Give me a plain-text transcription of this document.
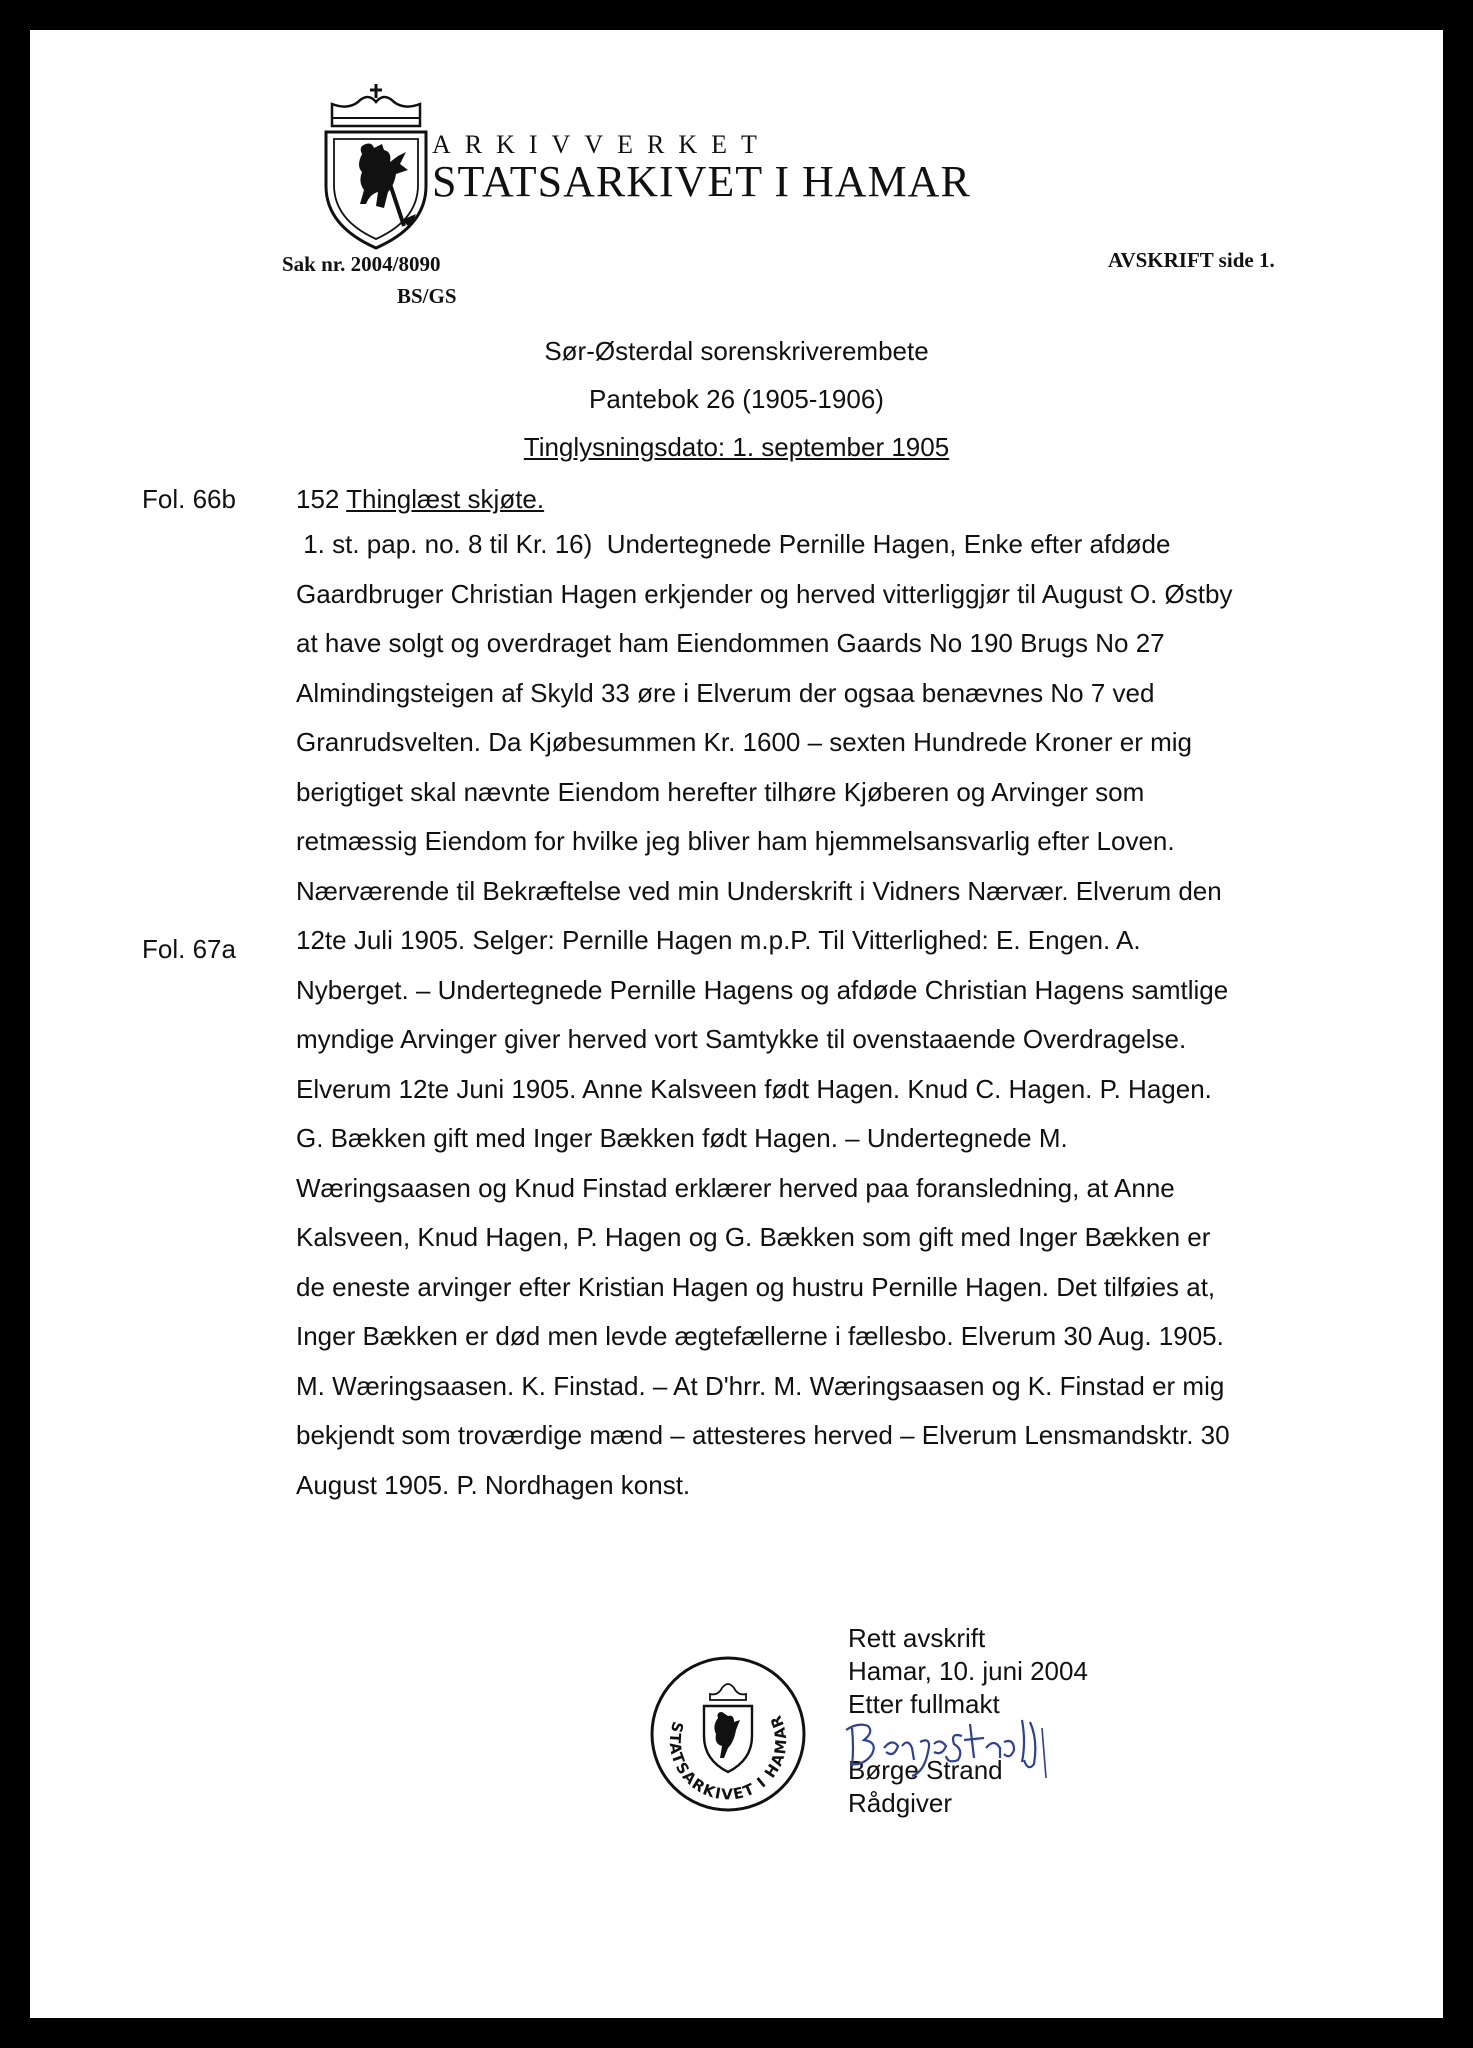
ARKIVVERKET
STATSARKIVET I HAMAR
Sak nr. 2004/8090
BS/GS
AVSKRIFT side 1.
Sør-Østerdal sorenskriverembete
Pantebok 26 (1905-1906)
Tinglysningsdato: 1. september 1905
Fol. 66b
Fol. 67a
152 Thinglæst skjøte.
1. st. pap. no. 8 til Kr. 16)  Undertegnede Pernille Hagen, Enke efter afdøde
Gaardbruger Christian Hagen erkjender og herved vitterliggjør til August O. Østby
at have solgt og overdraget ham Eiendommen Gaards No 190 Brugs No 27
Almindingsteigen af Skyld 33 øre i Elverum der ogsaa benævnes No 7 ved
Granrudsvelten. Da Kjøbesummen Kr. 1600 – sexten Hundrede Kroner er mig
berigtiget skal nævnte Eiendom herefter tilhøre Kjøberen og Arvinger som
retmæssig Eiendom for hvilke jeg bliver ham hjemmelsansvarlig efter Loven.
Nærværende til Bekræftelse ved min Underskrift i Vidners Nærvær. Elverum den
12te Juli 1905. Selger: Pernille Hagen m.p.P. Til Vitterlighed: E. Engen. A.
Nyberget. – Undertegnede Pernille Hagens og afdøde Christian Hagens samtlige
myndige Arvinger giver herved vort Samtykke til ovenstaaende Overdragelse.
Elverum 12te Juni 1905. Anne Kalsveen født Hagen. Knud C. Hagen. P. Hagen.
G. Bækken gift med Inger Bækken født Hagen. – Undertegnede M.
Wæringsaasen og Knud Finstad erklærer herved paa foransledning, at Anne
Kalsveen, Knud Hagen, P. Hagen og G. Bækken som gift med Inger Bækken er
de eneste arvinger efter Kristian Hagen og hustru Pernille Hagen. Det tilføies at,
Inger Bækken er død men levde ægtefællerne i fællesbo. Elverum 30 Aug. 1905.
M. Wæringsaasen. K. Finstad. – At D'hrr. M. Wæringsaasen og K. Finstad er mig
bekjendt som troværdige mænd – attesteres herved – Elverum Lensmandsktr. 30
August 1905. P. Nordhagen konst.
STATSARKIVET I HAMAR
Rett avskrift
Hamar, 10. juni 2004
Etter fullmakt
Børge Strand
Rådgiver
